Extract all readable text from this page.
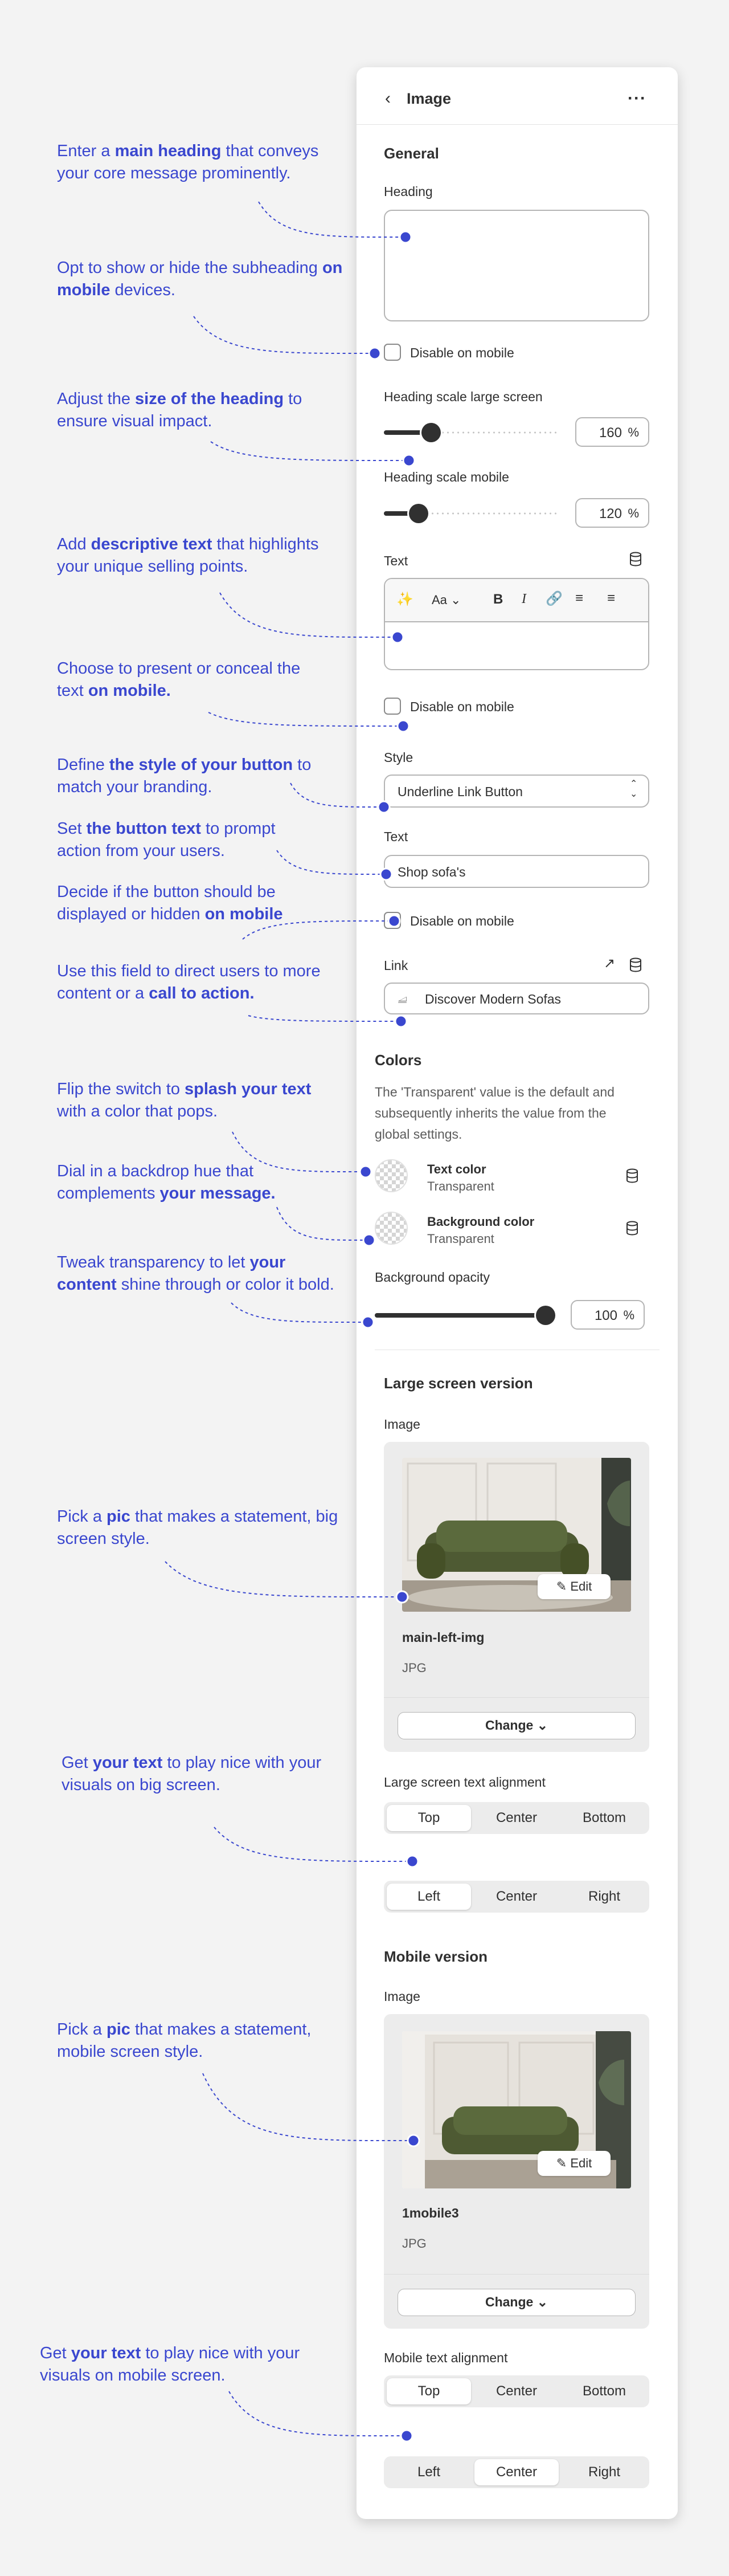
Enter a main heading that conveys your core message prominently.
Opt to show or hide the subheading on mobile devices.
Adjust the size of the heading to ensure visual impact.
Add descriptive text that highlights your unique selling points.
Choose to present or conceal the text on mobile.
Define the style of your button to match your branding.
Set the button text to prompt action from your users.
Decide if the button should be displayed or hidden on mobile
Use this field to direct users to more content or a call to action.
Flip the switch to splash your text with a color that pops.
Dial in a backdrop hue that complements your message.
Tweak transparency to let your content shine through or color it bold.
Pick a pic that makes a statement, big screen style.
Get your text to play nice with your visuals on big screen.
Pick a pic that makes a statement, mobile screen style.
Get your text to play nice with your visuals on mobile screen.
‹ Image	···
General
Heading
Disable on mobile
Heading scale large screen
160 %
Heading scale mobile
120 %
Text
✨ Aa ⌄ B I 🔗 ≡ ≡
Disable on mobile
Style
Underline Link Button
⌃
⌄
Text
Shop sofa's
Disable on mobile
Link	↗
⧡ Discover Modern Sofas
Colors
The 'Transparent' value is the default and subsequently inherits the value from the global settings.
Text color
Transparent
Background color
Transparent
Background opacity
100 %
Large screen version
Image
✎ Edit
main-left-img
JPG
Change ⌄
Large screen text alignment
Top	Center	Bottom
Left	Center	Right
Mobile version
Image
✎ Edit
1mobile3
JPG
Change ⌄
Mobile text alignment
Top	Center	Bottom
Left	Center	Right
